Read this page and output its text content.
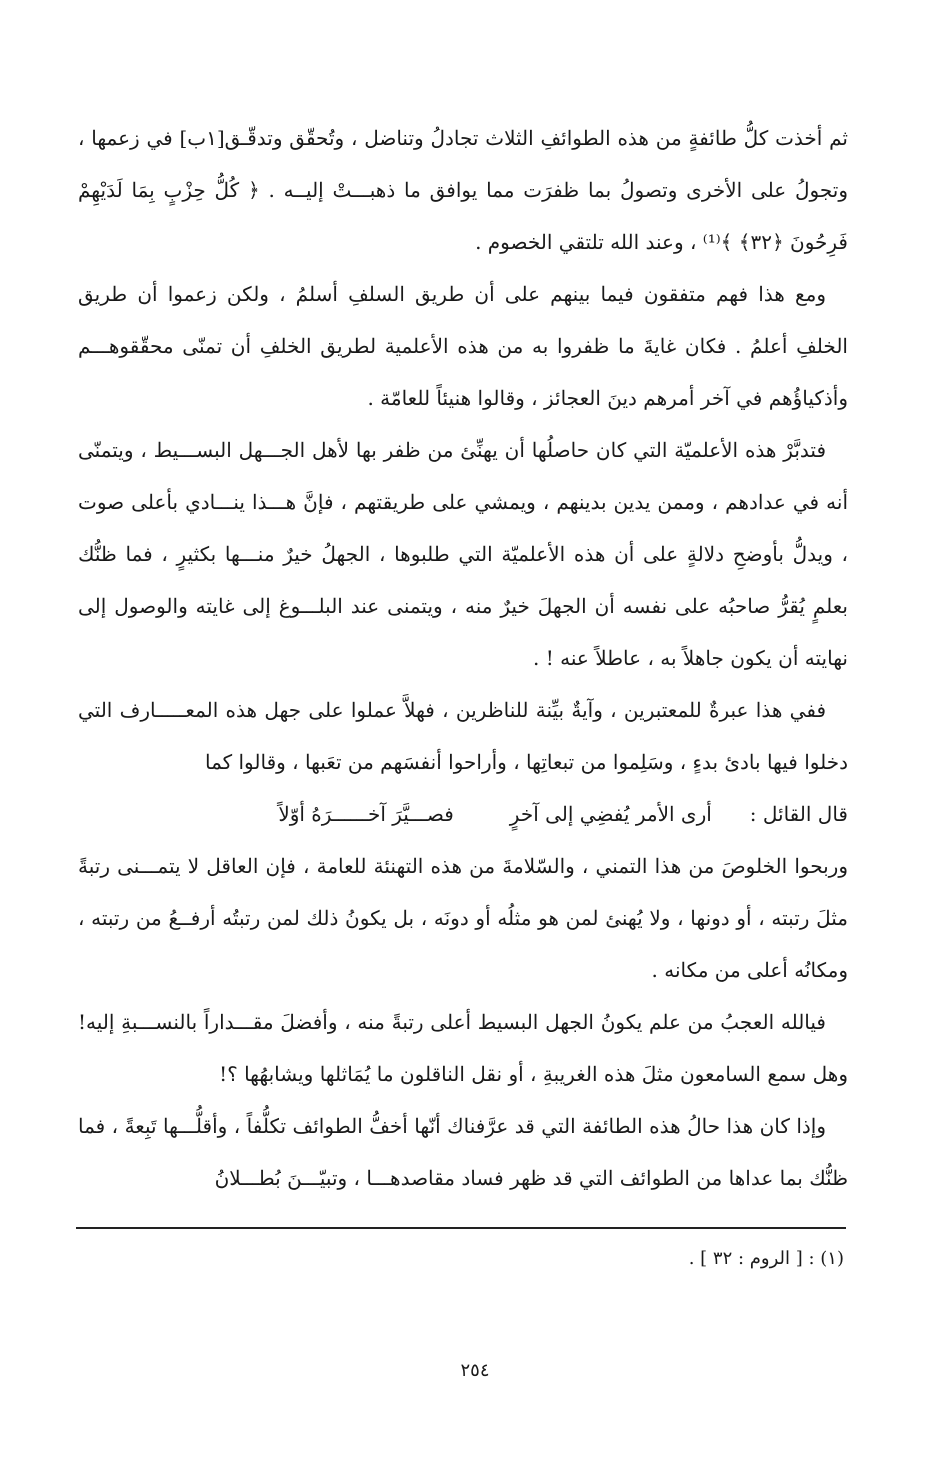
ثم أخذت كلُّ طائفةٍ من هذه الطوائفِ الثلاث تجادلُ وتناضل ، وتُحقّق وتدقّـق[١ب] في زعمها ، وتجولُ على الأخرى وتصولُ بما ظفرَت مما يوافق ما ذهبـــتْ إليــه . ﴿ كُلُّ حِزْبٍ بِمَا لَدَيْهِمْ فَرِحُونَ ﴿٣٢﴾ ﴾⁽¹⁾ ، وعند الله تلتقي الخصوم .

ومع هذا فهم متفقون فيما بينهم على أن طريق السلفِ أسلمُ ، ولكن زعموا أن طريق الخلفِ أعلمُ . فكان غايةَ ما ظفروا به من هذه الأعلمية لطريق الخلفِ أن تمنّى محقّقوهـــم وأذكياؤُهم في آخر أمرهم دينَ العجائز ، وقالوا هنيئاً للعامّة .

فتدبَّرْ هذه الأعلميّة التي كان حاصلُها أن يهنِّئ من ظفر بها لأهل الجـــهل البســـيط ، ويتمنّى أنه في عدادهم ، وممن يدين بدينهم ، ويمشي على طريقتهم ، فإنَّ هـــذا ينـــادي بأعلى صوت ، ويدلُّ بأوضحِ دلالةٍ على أن هذه الأعلميّة التي طلبوها ، الجهلُ خيرٌ منـــها بكثيرٍ ، فما ظنُّك بعلمٍ يُقرُّ صاحبُه على نفسه أن الجهلَ خيرٌ منه ، ويتمنى عند البلـــوغ إلى غايته والوصول إلى نهايته أن يكون جاهلاً به ، عاطلاً عنه ! .

ففي هذا عبرةٌ للمعتبرين ، وآيةٌ بيِّنة للناظرين ، فهلاَّ عملوا على جهل هذه المعـــــارف التي دخلوا فيها بادئ بدءٍ ، وسَلِموا من تبعاتِها ، وأراحوا أنفسَهم من تعَبها ، وقالوا كما

قال القائل :
أرى الأمر يُفضِي إلى آخرٍ
فصـــيَّرَ آخــــــرَهُ أوّلاً

وربحوا الخلوصَ من هذا التمني ، والسّلامةَ من هذه التهنئة للعامة ، فإن العاقل لا يتمـــنى رتبةً مثلَ رتبته ، أو دونها ، ولا يُهنئ لمن هو مثلُه أو دونَه ، بل يكونُ ذلك لمن رتبتُه أرفــعُ من رتبته ، ومكانُه أعلى من مكانه .

فيالله العجبُ من علم يكونُ الجهل البسيط أعلى رتبةً منه ، وأفضلَ مقـــداراً بالنســـبةِ إليه! وهل سمع السامعون مثلَ هذه الغريبةِ ، أو نقل الناقلون ما يُمَاثلها ويشابهُها ؟!

وإذا كان هذا حالُ هذه الطائفة التي قد عرَّفناك أنّها أخفُّ الطوائف تكلُّفاً ، وأقلُّـــها تَبِعةً ، فما ظنُّك بما عداها من الطوائف التي قد ظهر فساد مقاصدهـــا ، وتبيّـــنَ بُطـــلانُ

(١) : [ الروم : ٣٢ ] .
٢٥٤
